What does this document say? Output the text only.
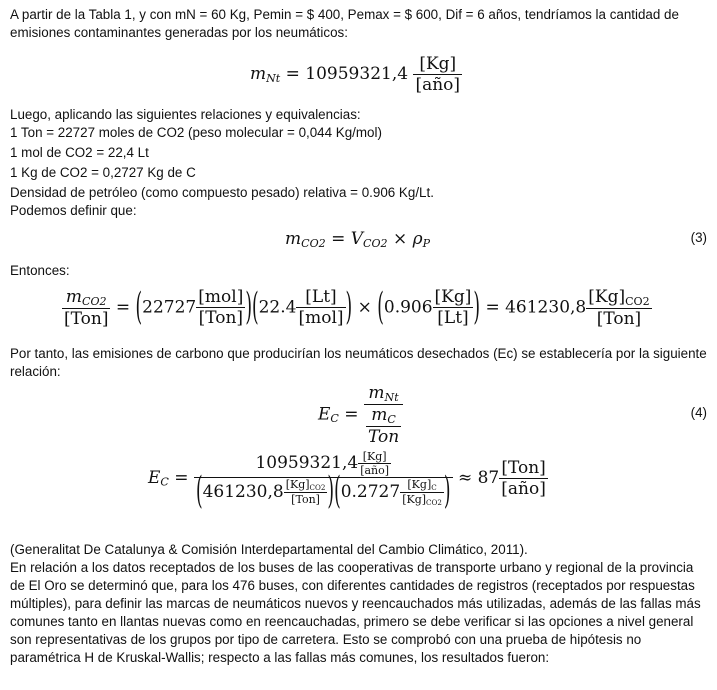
A partir de la Tabla 1, y con mN = 60 Kg, Pemin = $ 400, Pemax = $ 600, Dif = 6 años, tendríamos la cantidad de emisiones contaminantes generadas por los neumáticos:

$m_{Nt} = 10959321,4 \frac{[Kg]}{\text{[año]}}$

Luego, aplicando las siguientes relaciones y equivalencias:

1 Ton = 22727 moles de CO2 (peso molecular = 0,044 Kg/mol)

1 mol de CO2 = 22,4 Lt

1 Kg de CO2 = 0,2727 Kg de C

Densidad de petróleo (como compuesto pesado) relativa = 0.906 Kg/Lt.

Podemos definir que:

$m_{CO2} = V_{CO2} \times \rho_P$	(3)

Entonces:

$\frac{m_{CO2}}{\text{[Ton]}} = (22727 \frac{\text{[mol]}}{\text{[Ton]}} )(22.4 \frac{[Lt]}{\text{[mol]}}$ ) × ($0.906 \frac{[Kg]}{[Lt]}$ ) = $461230,8 \frac{[Kg]_{CO2}}{\text{[Ton]}}$

Por tanto, las emisiones de carbono que producirían los neumáticos desechados (Ec) se establecería por la siguiente relación:

$E_C = \frac{m_{Nt}}{\frac{m_C}{\text{Ton}}}$	(4)
$E_C = \frac{10959321,4 \frac{[Kg]}{\text{[año]}}}{(461230,8 \frac{[Kg]_{CO2}}{\text{[Ton]}} )(0.2727 \frac{[Kg]_C}{[Kg]_{CO2}} )} \approx 87 \frac{\text{[Ton]}}{\text{[año]}}$

(Generalitat De Catalunya & Comisión Interdepartamental del Cambio Climático, 2011).

En relación a los datos receptados de los buses de las cooperativas de transporte urbano y regional de la provincia de El Oro se determinó que, para los 476 buses, con diferentes cantidades de registros (receptados por respuestas múltiples), para definir las marcas de neumáticos nuevos y reencauchados más utilizadas, además de las fallas más comunes tanto en llantas nuevas como en reencauchadas, primero se debe verificar si las opciones a nivel general son representativas de los grupos por tipo de carretera. Esto se comprobó con una prueba de hipótesis no paramétrica H de Kruskal-Wallis; respecto a las fallas más comunes, los resultados fueron:
